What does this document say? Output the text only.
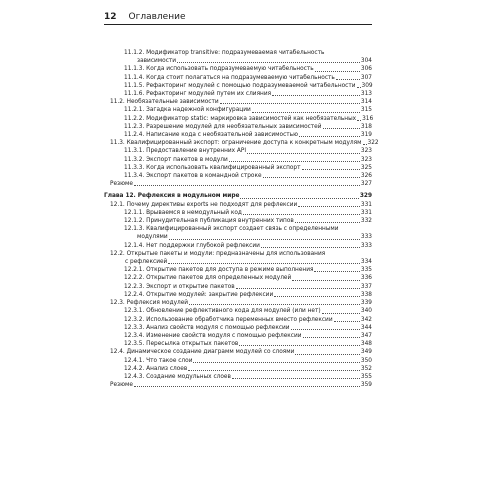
12 Оглавление
11.1.2. Модификатор transitive: подразумеваемая читабельность
зависимости	304
11.1.3. Когда использовать подразумеваемую читабельность	306
11.1.4. Когда стоит полагаться на подразумеваемую читабельность	307
11.1.5. Рефакторинг модулей с помощью подразумеваемой читабельности 309
11.1.6. Рефакторинг модулей путем их слияния	313
11.2. Необязательные зависимости	314
11.2.1. Загадка надежной конфигурации	315
11.2.2. Модификатор static: маркировка зависимостей как необязательных 316
11.2.3. Разрешение модулей для необязательных зависимостей	318
11.2.4. Написание кода с необязательной зависимостью	319
11.3. Квалифицированный экспорт: ограничение доступа к конкретным модулям 322
11.3.1. Предоставление внутренних API	323
11.3.2. Экспорт пакетов в модули	323
11.3.3. Когда использовать квалифицированный экспорт	325
11.3.4. Экспорт пакетов в командной строке	326
Резюме	327
Глава 12. Рефлексия в модульном мире	329
12.1. Почему директивы exports не подходят для рефлексии	331
12.1.1. Врываемся в немодульный код	331
12.1.2. Принудительная публикация внутренних типов	332
12.1.3. Квалифицированный экспорт создает связь с определенными
модулями	333
12.1.4. Нет поддержки глубокой рефлексии	333
12.2. Открытые пакеты и модули: предназначены для использования
с рефлексией	334
12.2.1. Открытие пакетов для доступа в режиме выполнения	335
12.2.2. Открытие пакетов для определенных модулей	336
12.2.3. Экспорт и открытие пакетов	337
12.2.4. Открытие модулей: закрытие рефлексии	338
12.3. Рефлексия модулей	339
12.3.1. Обновление рефлективного кода для модулей (или нет)	340
12.3.2. Использование обработчика переменных вместо рефлексии	342
12.3.3. Анализ свойств модуля с помощью рефлексии	344
12.3.4. Изменение свойств модуля с помощью рефлексии	347
12.3.5. Пересылка открытых пакетов	348
12.4. Динамическое создание диаграмм модулей со слоями	349
12.4.1. Что такое слои	350
12.4.2. Анализ слоев	352
12.4.3. Создание модульных слоев	355
Резюме	359
